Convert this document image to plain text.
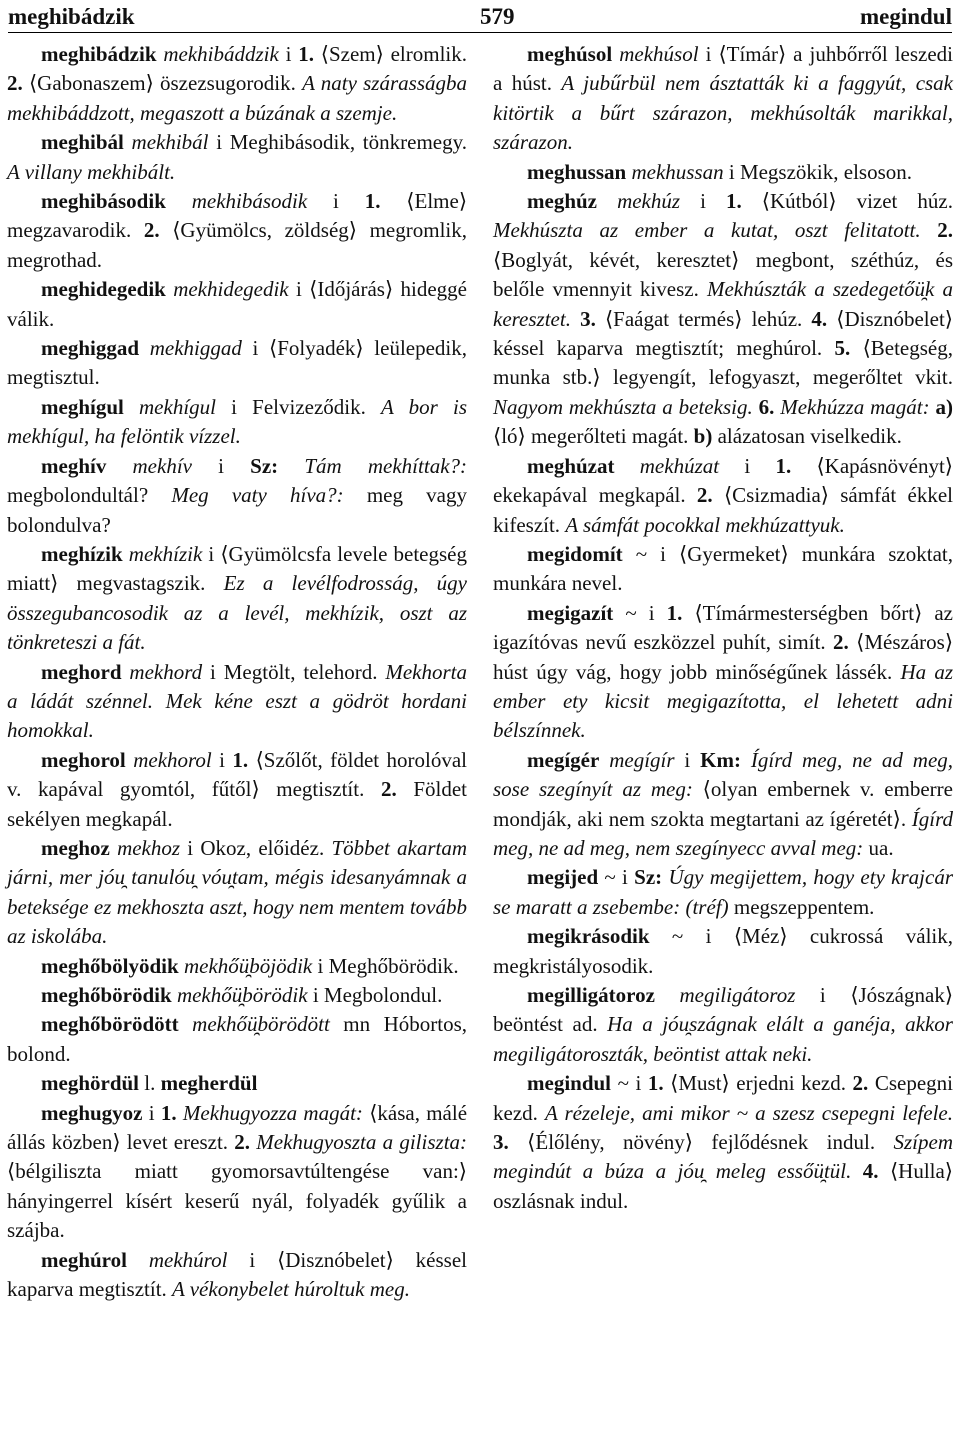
meghibádzik	579	megindul

meghibádzik mekhibáddzik i 1. ⟨Szem⟩ elromlik. 2. ⟨Gabonaszem⟩ öszezsugorodik. A naty szárasságba mekhibáddzott, megaszott a búzának a szemje.

meghibál mekhibál i Meghibásodik, tönkremegy. A villany mekhibált.

meghibásodik mekhibásodik i 1. ⟨Elme⟩ megzavarodik. 2. ⟨Gyümölcs, zöldség⟩ megromlik, megrothad.

meghidegedik mekhidegedik i ⟨Időjárás⟩ hideggé válik.

meghiggad mekhiggad i ⟨Folyadék⟩ leülepedik, megtisztul.

meghígul mekhígul i Felvizeződik. A bor is mekhígul, ha felöntik vízzel.

meghív mekhív i Sz: Tám mekhíttak?: megbolondultál? Meg vaty híva?: meg vagy bolondulva?

meghízik mekhízik i ⟨Gyümölcsfa levele betegség miatt⟩ megvastagszik. Ez a levélfodrosság, úgy összegubancosodik az a levél, mekhízik, oszt az tönkreteszi a fát.

meghord mekhord i Megtölt, telehord. Mekhorta a ládát szénnel. Mek kéne eszt a gödröt hordani homokkal.

meghorol mekhorol i 1. ⟨Szőlőt, földet horolóval v. kapával gyomtól, fűtől⟩ megtisztít. 2. Földet sekélyen megkapál.

meghoz mekhoz i Okoz, előidéz. Többet akartam járni, mer jóu̯ tanulóu̯ vóu̯tam, mégis idesanyámnak a beteksége ez mekhoszta aszt, hogy nem mentem tovább az iskolába.

meghőbölyödik mekhőü̯böjödik i Meghőbörödik.

meghőbörödik mekhőü̯börödik i Megbolondul.

meghőbörödött mekhőü̯börödött mn Hóbortos, bolond.

meghördül l. megherdül

meghugyoz i 1. Mekhugyozza magát: ⟨kása, málé állás közben⟩ levet ereszt. 2. Mekhugyoszta a giliszta: ⟨bélgiliszta miatt gyomorsavtúltengése van:⟩ hányingerrel kísért keserű nyál, folyadék gyűlik a szájba.

meghúrol mekhúrol i ⟨Disznóbelet⟩ késsel kaparva megtisztít. A vékonybelet húroltuk meg.

meghúsol mekhúsol i ⟨Tímár⟩ a juhbőrről leszedi a húst. A jubűrbül nem ásztatták ki a faggyút, csak kitörtik a bűrt szárazon, mekhúsolták marikkal, szárazon.

meghussan mekhussan i Megszökik, elsoson.

meghúz mekhúz i 1. ⟨Kútból⟩ vizet húz. Mekhúszta az ember a kutat, oszt felitatott. 2. ⟨Boglyát, kévét, keresztet⟩ megbont, széthúz, és belőle vmennyit kivesz. Mekhúszták a szedegetőü̯k a keresztet. 3. ⟨Faágat termés⟩ lehúz. 4. ⟨Disznóbelet⟩ késsel kaparva megtisztít; meghúrol. 5. ⟨Betegség, munka stb.⟩ legyengít, lefogyaszt, megerőltet vkit. Nagyom mekhúszta a beteksig. 6. Mekhúzza magát: a) ⟨ló⟩ megerőlteti magát. b) alázatosan viselkedik.

meghúzat mekhúzat i 1. ⟨Kapásnövényt⟩ ekekapával megkapál. 2. ⟨Csizmadia⟩ sámfát ékkel kifeszít. A sámfát pocokkal mekhúzattyuk.

megidomít ~ i ⟨Gyermeket⟩ munkára szoktat, munkára nevel.

megigazít ~ i 1. ⟨Tímármesterségben bőrt⟩ az igazítóvas nevű eszközzel puhít, simít. 2. ⟨Mészáros⟩ húst úgy vág, hogy jobb minőségűnek lássék. Ha az ember ety kicsit megigazította, el lehetett adni bélszínnek.

megígér megígír i Km: Ígírd meg, ne ad meg, sose szegínyít az meg: ⟨olyan embernek v. emberre mondják, aki nem szokta megtartani az ígéretét⟩. Ígírd meg, ne ad meg, nem szegínyecc avval meg: ua.

megijed ~ i Sz: Úgy megijettem, hogy ety krajcár se maratt a zsebembe: (tréf) megszeppentem.

megikrásodik ~ i ⟨Méz⟩ cukrossá válik, megkristályosodik.

megilligátoroz megiligátoroz i ⟨Jószágnak⟩ beöntést ad. Ha a jóu̯szágnak elált a ganéja, akkor megiligátoroszták, beöntist attak neki.

megindul ~ i 1. ⟨Must⟩ erjedni kezd. 2. Csepegni kezd. A rézeleje, ami mikor ~ a szesz csepegni lefele. 3. ⟨Élőlény, növény⟩ fejlődésnek indul. Szípem megindút a búza a jóu̯ meleg essőü̯tül. 4. ⟨Hulla⟩ oszlásnak indul.
